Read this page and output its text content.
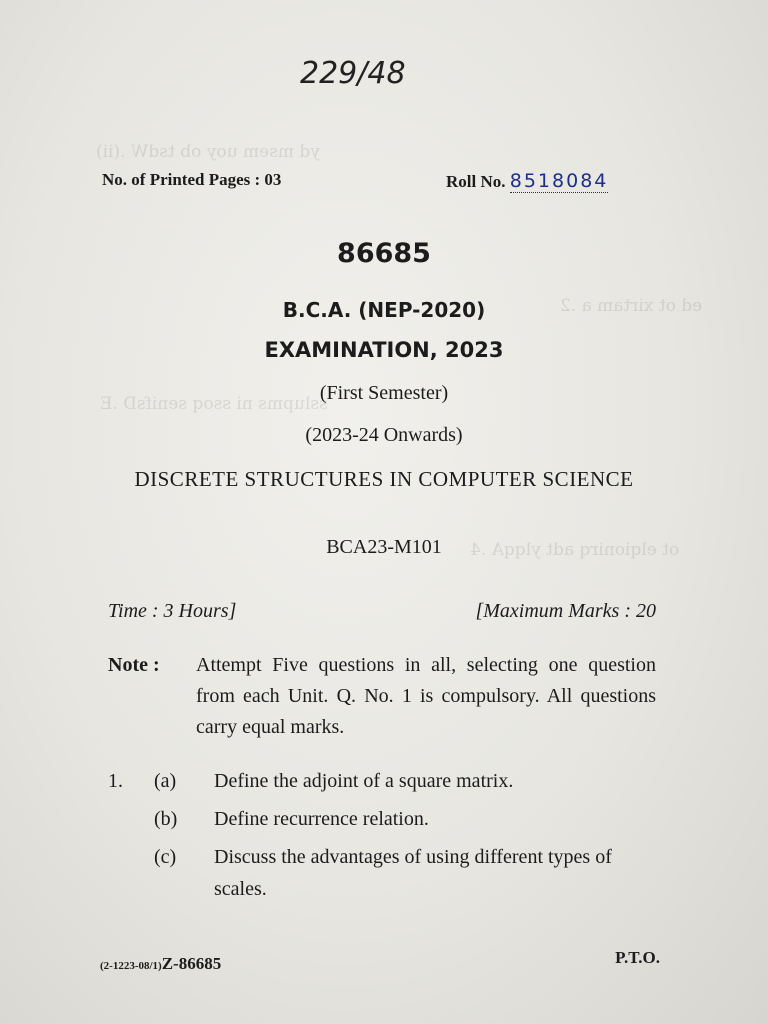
yd msem uoy ob tsdW .(ii)
ed ot xirtam a .2
sslupms ni ssoq senifsD .E
ot elqionirq adt ylqqA .4
229/48
No. of Printed Pages : 03	Roll No. 8518084
86685
B.C.A. (NEP-2020)
EXAMINATION, 2023
(First Semester)
(2023-24 Onwards)
DISCRETE STRUCTURES IN COMPUTER SCIENCE
BCA23-M101
Time : 3 Hours]	[Maximum Marks : 20
Note : Attempt Five questions in all, selecting one question from each Unit. Q. No. 1 is compulsory. All questions carry equal marks.
1. (a) Define the adjoint of a square matrix.
(b) Define recurrence relation.
(c) Discuss the advantages of using different types of scales.
(2-1223-08/1)Z-86685	P.T.O.
